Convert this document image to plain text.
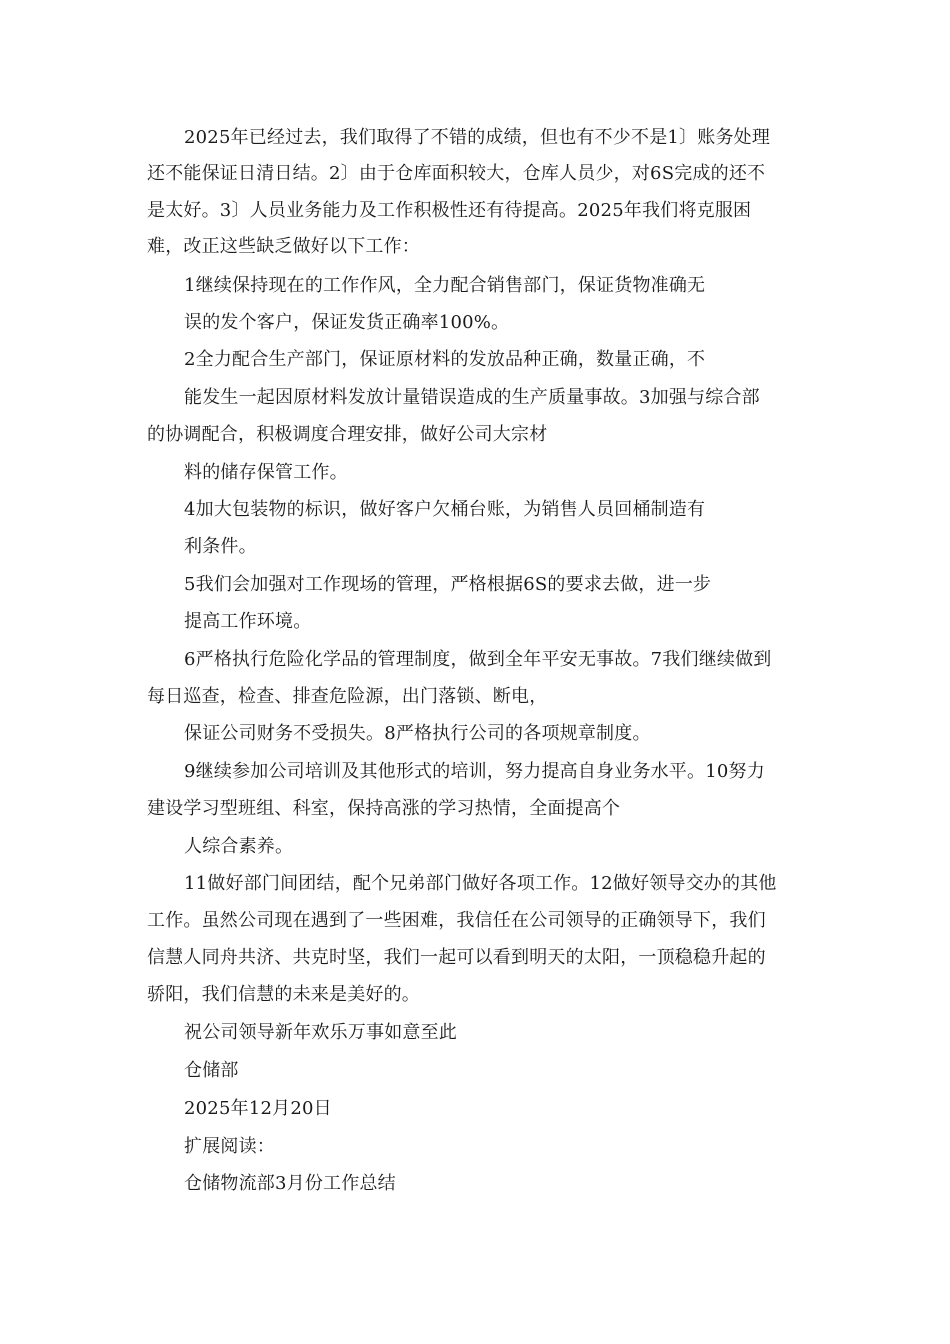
2025年已经过去，我们取得了不错的成绩，但也有不少不是1〕账务处理
还不能保证日清日结。2〕由于仓库面积较大，仓库人员少，对6S完成的还不
是太好。3〕人员业务能力及工作积极性还有待提高。2025年我们将克服困
难，改正这些缺乏做好以下工作：
1继续保持现在的工作作风，全力配合销售部门，保证货物准确无
误的发个客户，保证发货正确率100%。
2全力配合生产部门，保证原材料的发放品种正确，数量正确，不
能发生一起因原材料发放计量错误造成的生产质量事故。3加强与综合部
的协调配合，积极调度合理安排，做好公司大宗材
料的储存保管工作。
4加大包装物的标识，做好客户欠桶台账，为销售人员回桶制造有
利条件。
5我们会加强对工作现场的管理，严格根据6S的要求去做，进一步
提高工作环境。
6严格执行危险化学品的管理制度，做到全年平安无事故。7我们继续做到
每日巡查，检查、排查危险源，出门落锁、断电，
保证公司财务不受损失。8严格执行公司的各项规章制度。
9继续参加公司培训及其他形式的培训，努力提高自身业务水平。10努力
建设学习型班组、科室，保持高涨的学习热情，全面提高个
人综合素养。
11做好部门间团结，配个兄弟部门做好各项工作。12做好领导交办的其他
工作。虽然公司现在遇到了一些困难，我信任在公司领导的正确领导下，我们
信慧人同舟共济、共克时坚，我们一起可以看到明天的太阳，一顶稳稳升起的
骄阳，我们信慧的未来是美好的。
祝公司领导新年欢乐万事如意至此
仓储部
2025年12月20日
扩展阅读：
仓储物流部3月份工作总结
